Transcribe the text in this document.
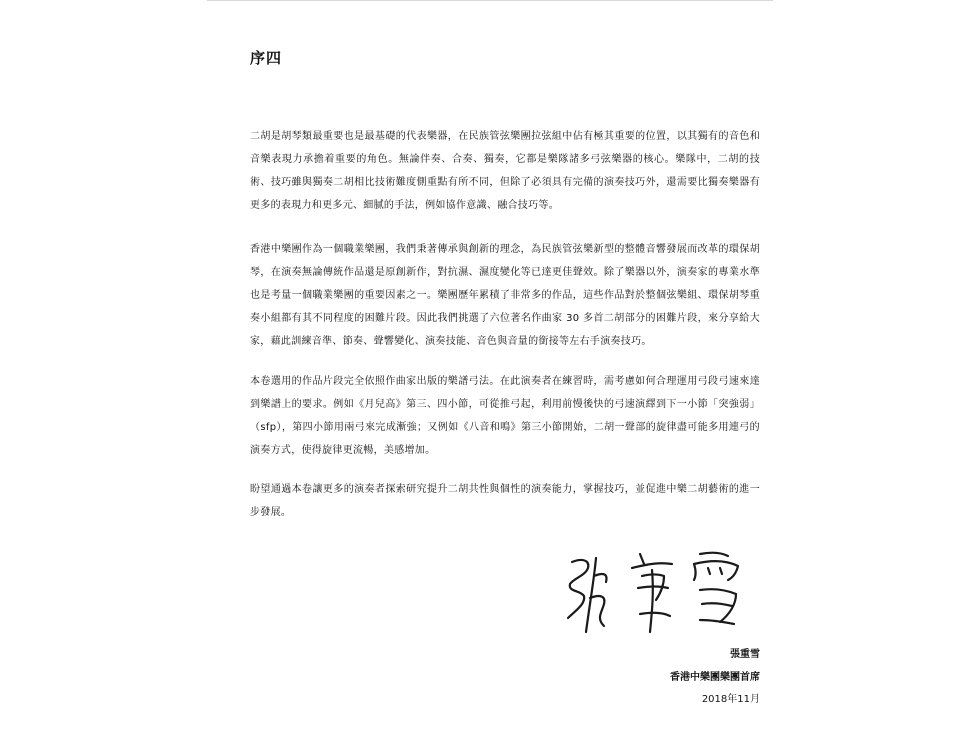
序四

二胡是胡琴類最重要也是最基礎的代表樂器，在民族管弦樂團拉弦組中佔有極其重要的位置，以其獨有的音色和音樂表現力承擔着重要的角色。無論伴奏、合奏、獨奏，它都是樂隊諸多弓弦樂器的核心。樂隊中，二胡的技術、技巧雖與獨奏二胡相比技術難度側重點有所不同，但除了必須具有完備的演奏技巧外，還需要比獨奏樂器有更多的表現力和更多元、細膩的手法，例如協作意識、融合技巧等。

香港中樂團作為一個職業樂團，我們秉著傳承與創新的理念，為民族管弦樂新型的整體音響發展而改革的環保胡琴，在演奏無論傳統作品還是原創新作，對抗濕、濕度變化等已達更佳聲效。除了樂器以外，演奏家的專業水準也是考量一個職業樂團的重要因素之一。樂團歷年累積了非常多的作品，這些作品對於整個弦樂組、環保胡琴重奏小組都有其不同程度的困難片段。因此我們挑選了六位著名作曲家 30 多首二胡部分的困難片段，來分享給大家，藉此訓練音準、節奏、聲響變化、演奏技能、音色與音量的銜接等左右手演奏技巧。

本卷選用的作品片段完全依照作曲家出版的樂譜弓法。在此演奏者在練習時，需考慮如何合理運用弓段弓速來達到樂譜上的要求。例如《月兒高》第三、四小節，可從推弓起，利用前慢後快的弓速演繹到下一小節「突強弱」（sfp），第四小節用兩弓來完成漸強；又例如《八音和鳴》第三小節開始，二胡一聲部的旋律盡可能多用連弓的演奏方式，使得旋律更流暢，美感增加。

盼望通過本卷讓更多的演奏者探索研究提升二胡共性與個性的演奏能力，掌握技巧，並促進中樂二胡藝術的進一步發展。

張重雪
香港中樂團樂團首席
2018年11月
